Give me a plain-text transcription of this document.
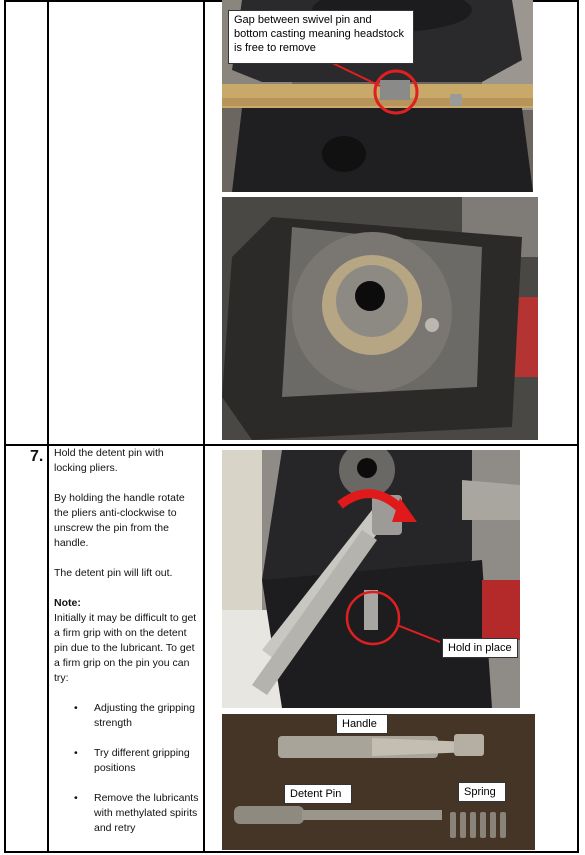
Gap between swivel pin and bottom casting meaning headstock is free to remove
7. Hold the detent pin with locking pliers.

By holding the handle rotate the pliers anti-clockwise to unscrew the pin from the handle.

The detent pin will lift out.

Note:

Initially it may be difficult to get a firm grip with on the detent pin due to the lubricant. To get a firm grip on the pin you can try:

• Adjusting the gripping strength
• Try different gripping positions
• Remove the lubricants with methylated spirits and retry
Hold in place
Handle
Detent Pin	Spring
